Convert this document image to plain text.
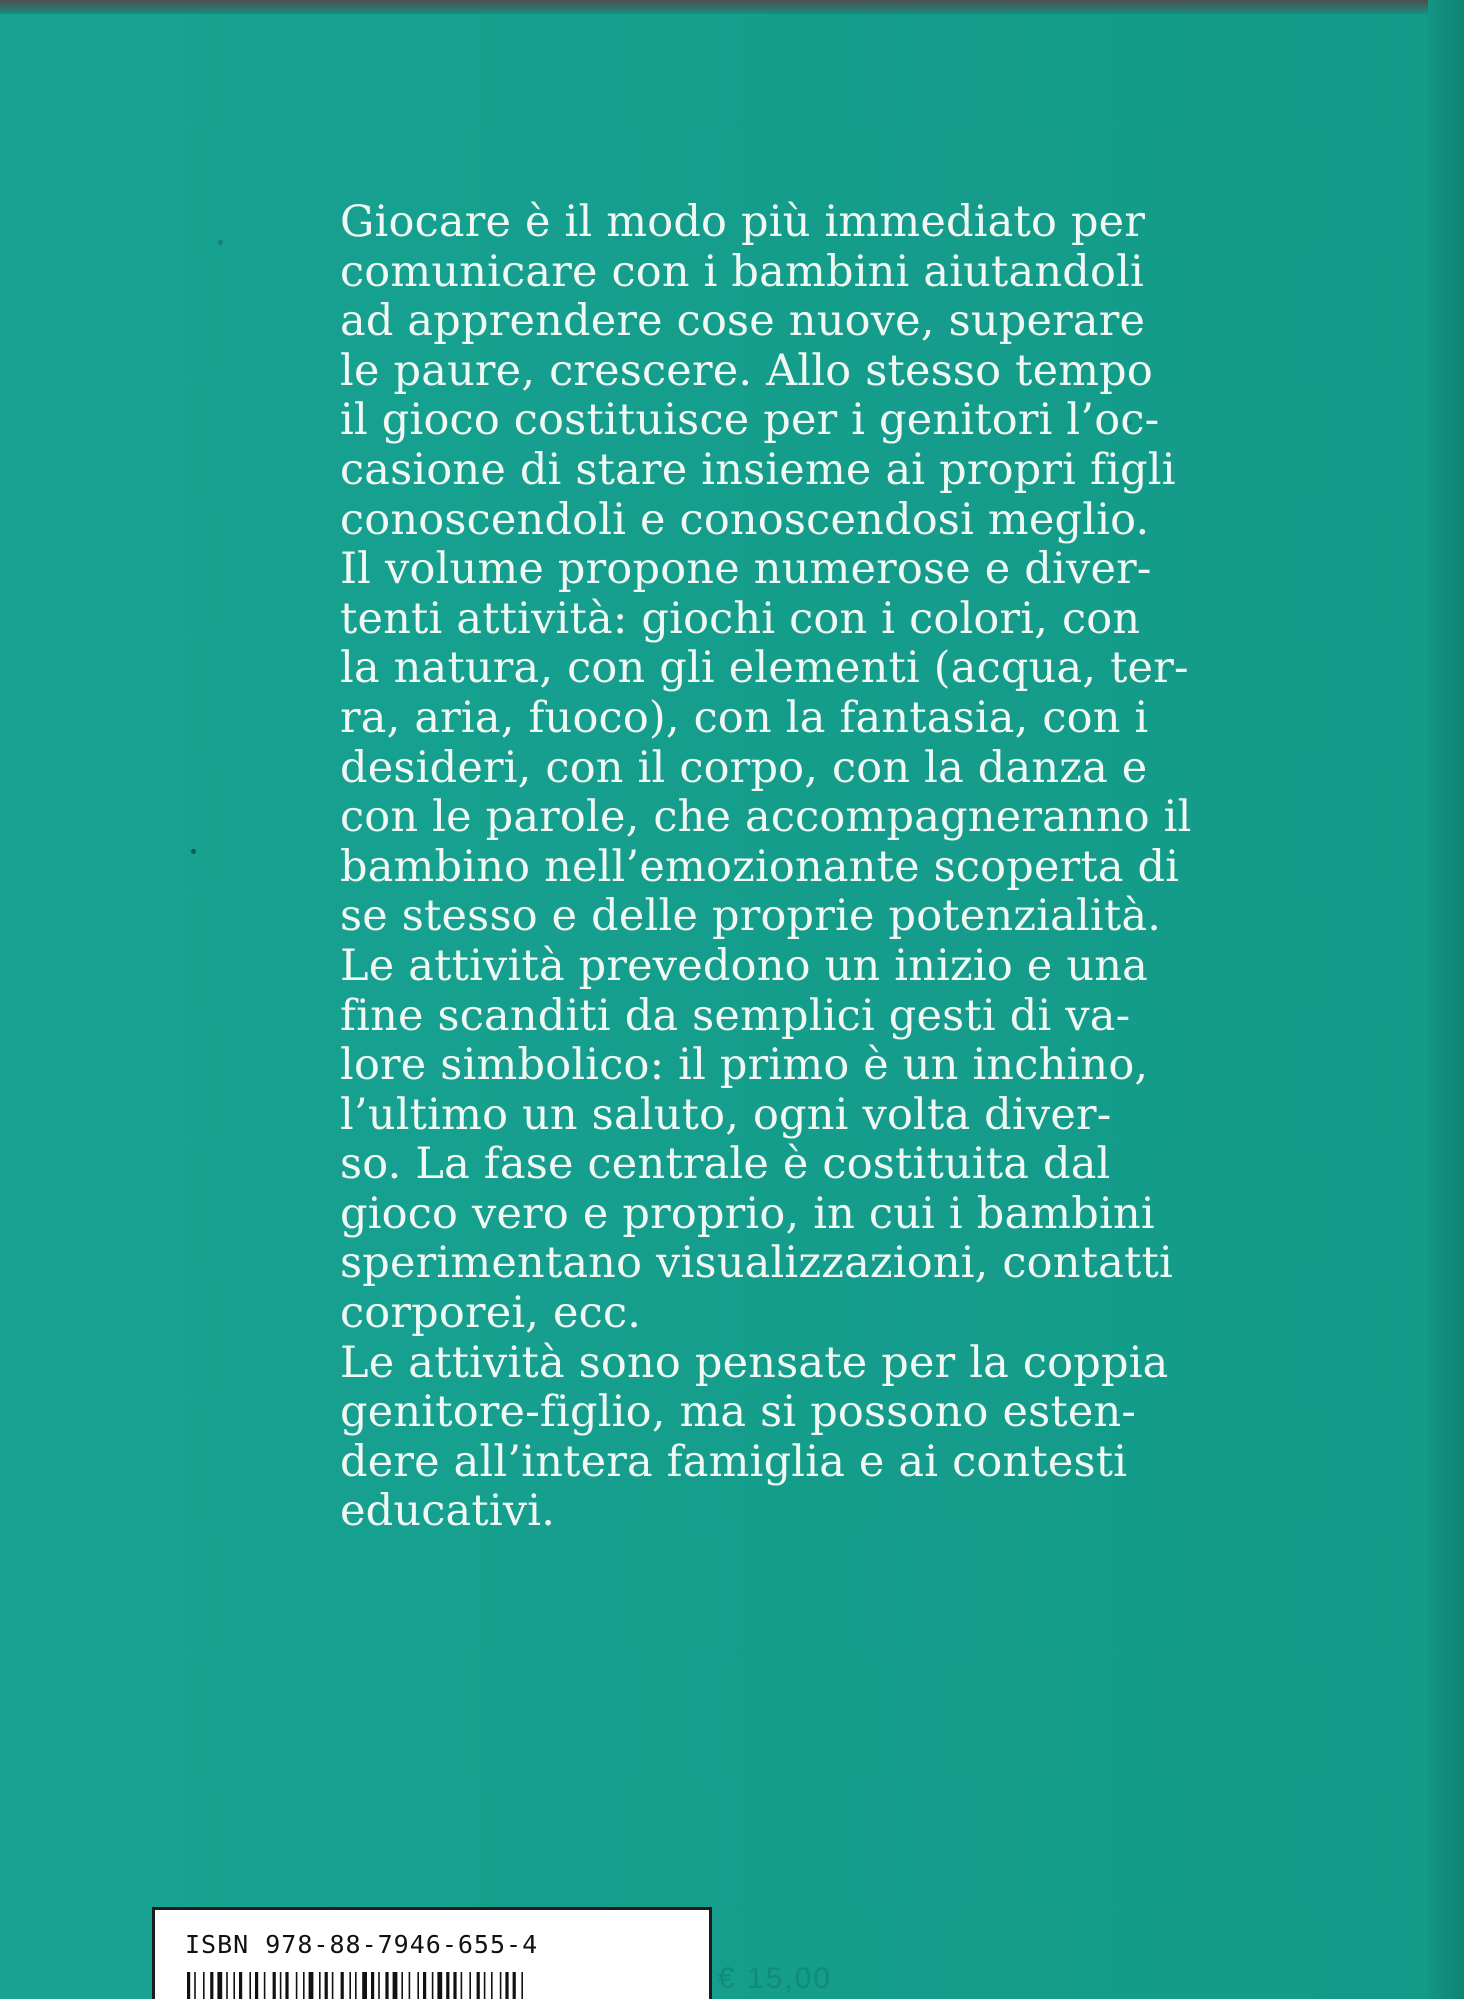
Giocare è il modo più immediato per
comunicare con i bambini aiutandoli
ad apprendere cose nuove, superare
le paure, crescere. Allo stesso tempo
il gioco costituisce per i genitori l’oc-
casione di stare insieme ai propri figli
conoscendoli e conoscendosi meglio.
Il volume propone numerose e diver-
tenti attività: giochi con i colori, con
la natura, con gli elementi (acqua, ter-
ra, aria, fuoco), con la fantasia, con i
desideri, con il corpo, con la danza e
con le parole, che accompagneranno il
bambino nell’emozionante scoperta di
se stesso e delle proprie potenzialità.
Le attività prevedono un inizio e una
fine scanditi da semplici gesti di va-
lore simbolico: il primo è un inchino,
l’ultimo un saluto, ogni volta diver-
so. La fase centrale è costituita dal
gioco vero e proprio, in cui i bambini
sperimentano visualizzazioni, contatti
corporei, ecc.
Le attività sono pensate per la coppia
genitore-figlio, ma si possono esten-
dere all’intera famiglia e ai contesti
educativi.
€ 15,00
ISBN 978-88-7946-655-4
